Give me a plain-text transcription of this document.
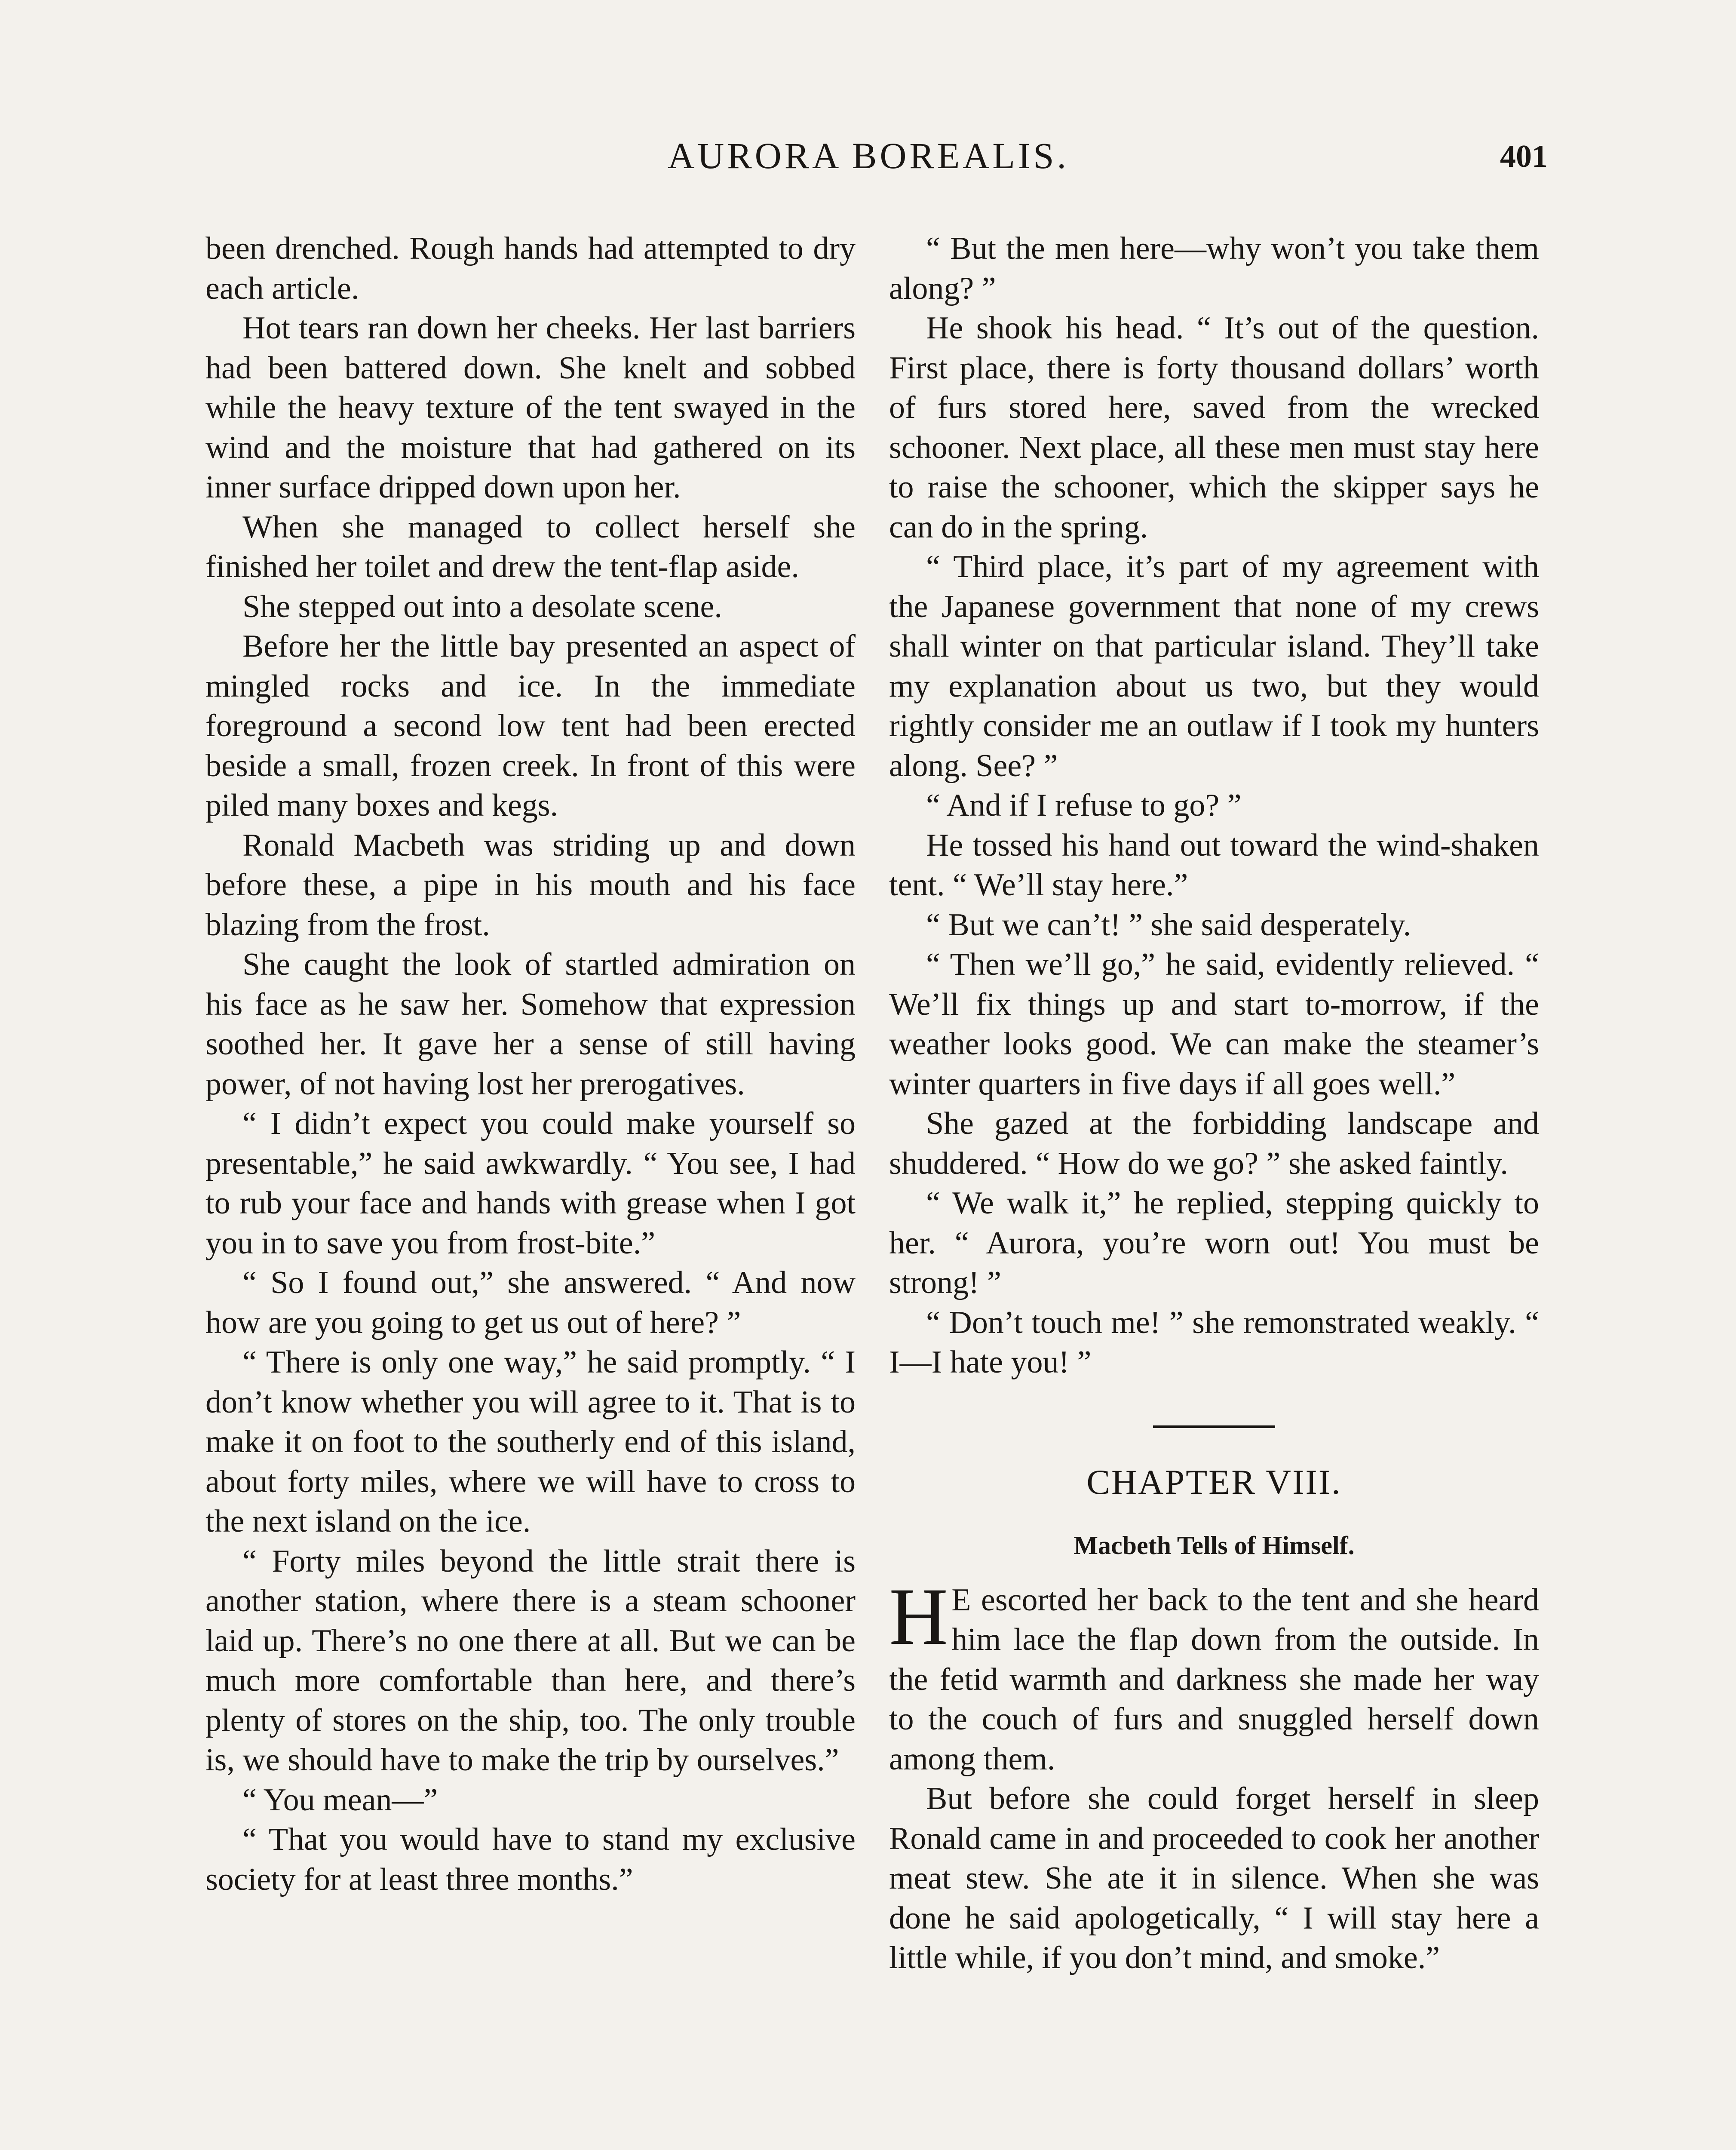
AURORA BOREALIS.	401

been drenched. Rough hands had attempted to dry each article.

Hot tears ran down her cheeks. Her last barriers had been battered down. She knelt and sobbed while the heavy texture of the tent swayed in the wind and the moisture that had gathered on its inner surface dripped down upon her.

When she managed to collect herself she finished her toilet and drew the tent-flap aside.

She stepped out into a desolate scene.

Before her the little bay presented an aspect of mingled rocks and ice. In the immediate foreground a second low tent had been erected beside a small, frozen creek. In front of this were piled many boxes and kegs.

Ronald Macbeth was striding up and down before these, a pipe in his mouth and his face blazing from the frost.

She caught the look of startled admiration on his face as he saw her. Somehow that expression soothed her. It gave her a sense of still having power, of not having lost her prerogatives.

“ I didn’t expect you could make yourself so presentable,” he said awkwardly. “ You see, I had to rub your face and hands with grease when I got you in to save you from frost-bite.”

“ So I found out,” she answered. “ And now how are you going to get us out of here? ”

“ There is only one way,” he said promptly. “ I don’t know whether you will agree to it. That is to make it on foot to the southerly end of this island, about forty miles, where we will have to cross to the next island on the ice.

“ Forty miles beyond the little strait there is another station, where there is a steam schooner laid up. There’s no one there at all. But we can be much more comfortable than here, and there’s plenty of stores on the ship, too. The only trouble is, we should have to make the trip by ourselves.”

“ You mean—”

“ That you would have to stand my exclusive society for at least three months.”

“ But the men here—why won’t you take them along? ”

He shook his head. “ It’s out of the question. First place, there is forty thousand dollars’ worth of furs stored here, saved from the wrecked schooner. Next place, all these men must stay here to raise the schooner, which the skipper says he can do in the spring.

“ Third place, it’s part of my agreement with the Japanese government that none of my crews shall winter on that particular island. They’ll take my explanation about us two, but they would rightly consider me an outlaw if I took my hunters along. See? ”

“ And if I refuse to go? ”

He tossed his hand out toward the wind-shaken tent. “ We’ll stay here.”

“ But we can’t! ” she said desperately.

“ Then we’ll go,” he said, evidently relieved. “ We’ll fix things up and start to-morrow, if the weather looks good. We can make the steamer’s winter quarters in five days if all goes well.”

She gazed at the forbidding landscape and shuddered. “ How do we go? ” she asked faintly.

“ We walk it,” he replied, stepping quickly to her. “ Aurora, you’re worn out! You must be strong! ”

“ Don’t touch me! ” she remonstrated weakly. “ I—I hate you! ”

CHAPTER VIII.
Macbeth Tells of Himself.

H E escorted her back to the tent and she heard him lace the flap down from the outside. In the fetid warmth and darkness she made her way to the couch of furs and snuggled herself down among them.

But before she could forget herself in sleep Ronald came in and proceeded to cook her another meat stew. She ate it in silence. When she was done he said apologetically, “ I will stay here a little while, if you don’t mind, and smoke.”
